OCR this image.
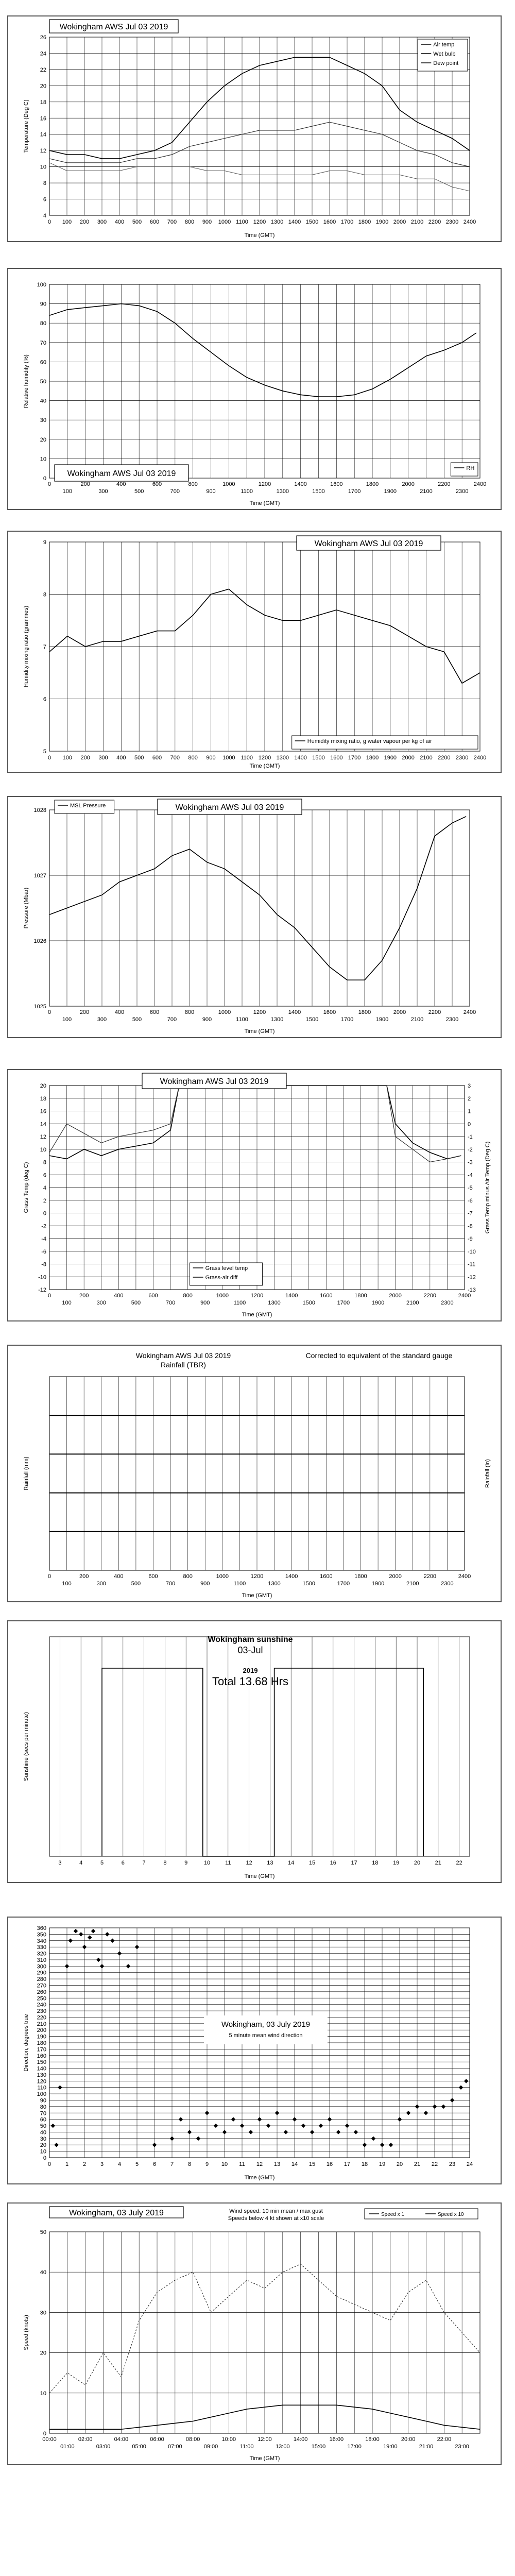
4
6
8
10
12
14
16
18
20
22
24
26
0 100 200 300 400 500 600 700 800 900 1000 1100 1200 1300 1400 1500 1600 1700 1800 1900 2000 2100 2200 2300 2400
Time (GMT)
Temperature (Deg C)
Wokingham AWS Jul 03 2019
Air temp
Wet bulb
Dew point
0
10
20
30
40
50
60
70
80
90
100
0	200	400	600	800	1000	1200	1400	1600	1800	2000	2200	2400
100	300	500	700	900	1100	1300	1500	1700	1900	2100	2300
Time (GMT)
Relative humidity (%)
Wokingham AWS Jul 03 2019
RH
5
6
7
8
9
0 100 200 300 400 500 600 700 800 900 1000 1100 1200 1300 1400 1500 1600 1700 1800 1900 2000 2100 2200 2300 2400
Time (GMT)
Humidity mixing ratio (grammes)
Wokingham AWS Jul 03 2019
Humidity mixing ratio, g water vapour per kg of air
1025
1026
1027
1028
0	200	400	600	800	1000	1200	1400	1600	1800	2000	2200	2400
100	300	500	700	900	1100	1300	1500	1700	1900	2100	2300
Time (GMT)
Pressure (Mbar)
Wokingham AWS Jul 03 2019
MSL Pressure
-12
-10
-8
-6
-4
-2
0
2
4
6
8
10
12
14
16
18
20
-13
-12
-11
-10
-9
-8
-7
-6
-5
-4
-3
-2
-1
0
1
2
3
0	200	400	600	800	1000	1200	1400	1600	1800	2000	2200	2400
100	300	500	700	900	1100	1300	1500	1700	1900	2100	2300
Time (GMT)
Grass Temp (deg C)	Grass Temp minus Air Temp (Deg C)
Wokingham AWS Jul 03 2019
Grass level temp
Grass-air diff
0	200	400	600	800	1000	1200	1400	1600	1800	2000	2200	2400
100	300	500	700	900	1100	1300	1500	1700	1900	2100	2300
Time (GMT)
Rainfall (mm)	Rainfall (in)
Wokingham AWS Jul 03 2019
Rainfall (TBR)
Corrected to equivalent of the standard gauge
3	4	5	6	7	8	9	10	11	12	13	14	15	16	17	18	19	20	21	22
Time (GMT)
Sunshine (secs per minute)
Wokingham sunshine
03-Jul
2019
Total 13.68 Hrs
0
10
20
30
40
50
60
70
80
90
100
110
120
130
140
150
160
170
180
190
200
210
220
230
240
250
260
270
280
290
300
310
320
330
340
350
360
0	1	2	3	4	5	6	7	8	9 10 11 12 13 14 15 16 17 18 19 20 21 22 23 24
Time (GMT)
Direction, degrees true	Wokingham, 03 July 2019
5 minute mean wind direction
0
10
20
30
40
50
00:00	02:00	04:00	06:00	08:00	10:00	12:00	14:00	16:00	18:00	20:00	22:00
01:00	03:00	05:00	07:00	09:00	11:00	13:00	15:00	17:00	19:00	21:00	23:00
Time (GMT)
Speed (knots)
Wokingham, 03 July 2019	Wind speed: 10 min mean / max gust
Speeds below 4 kt shown at x10 scale
Speed x 1	Speed x 10
